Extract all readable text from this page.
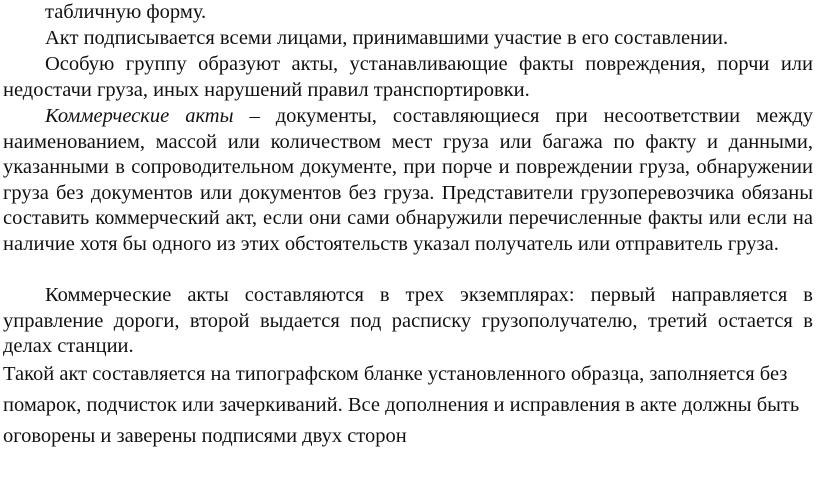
табличную форму.

Акт подписывается всеми лицами, принимавшими участие в его составлении.

Особую группу образуют акты, устанавливающие факты повреждения, порчи или недостачи груза, иных нарушений правил транспортировки.

Коммерческие акты – документы, составляющиеся при несоответствии между наименованием, массой или количеством мест груза или багажа по факту и данными, указанными в сопроводительном документе, при порче и повреждении груза, обнаружении груза без документов или документов без груза. Представители грузоперевозчика обязаны составить коммерческий акт, если они сами обнаружили перечисленные факты или если на наличие хотя бы одного из этих обстоятельств указал получатель или отправитель груза.

Коммерческие акты составляются в трех экземплярах: первый направляется в управление дороги, второй выдается под расписку грузополучателю, третий остается в делах станции.

Такой акт составляется на типографском бланке установленного образца, заполняется без помарок, подчисток или зачеркиваний. Все дополнения и исправления в акте должны быть оговорены и заверены подписями двух сторон
